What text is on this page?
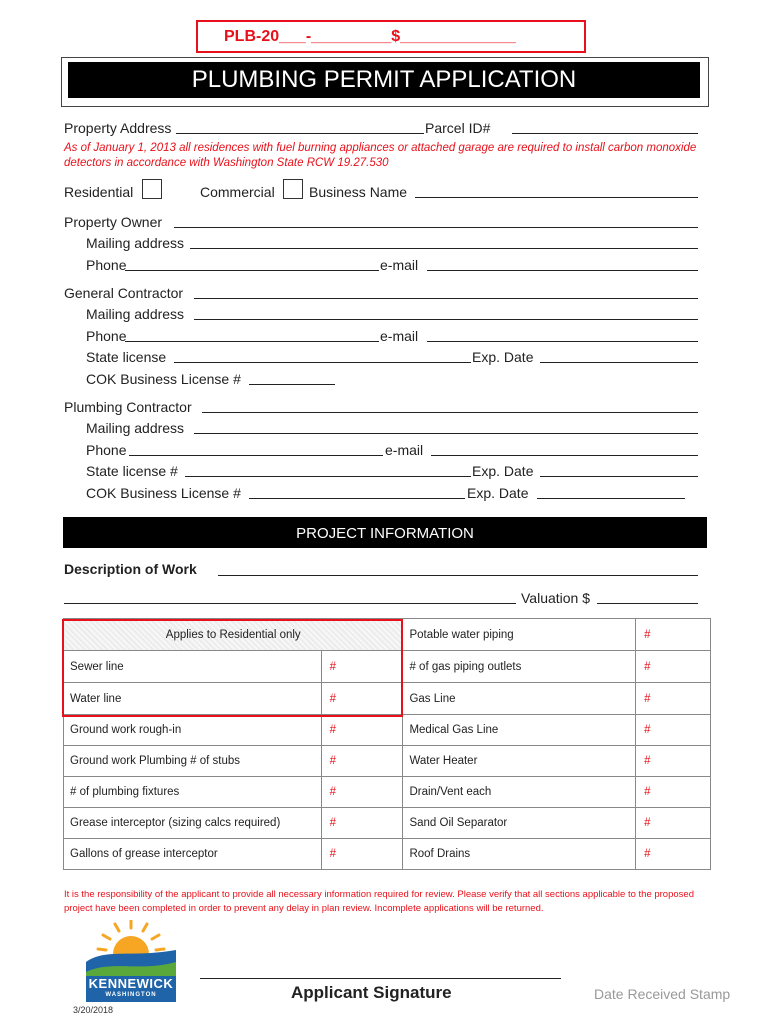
PLB-20___-_________$_____________
PLUMBING PERMIT APPLICATION
Property Address	Parcel ID#
As of January 1, 2013 all residences with fuel burning appliances or attached garage are required to install carbon monoxide detectors in accordance with Washington State RCW 19.27.530
Residential	Commercial Business Name
Property Owner
Mailing address
Phone	e-mail
General Contractor
Mailing address
Phone	e-mail
State license	Exp. Date
COK Business License #
Plumbing Contractor
Mailing address
Phone	e-mail
State license #	Exp. Date
COK Business License #	Exp. Date
PROJECT INFORMATION
Description of Work
Valuation $
Applies to Residential only		Potable water piping	#
Sewer line	#	# of gas piping outlets	#
Water line	#	Gas Line	#
Ground work rough-in	#	Medical Gas Line	#
Ground work Plumbing # of stubs	#	Water Heater	#
# of plumbing fixtures	#	Drain/Vent each	#
Grease interceptor (sizing calcs required)	#	Sand Oil Separator	#
Gallons of grease interceptor	#	Roof Drains	#
It is the responsibility of the applicant to provide all necessary information required for review. Please verify that all sections applicable to the proposed project have been completed in order to prevent any delay in plan review. Incomplete applications will be returned.
KENNEWICK
WASHINGTON	Applicant Signature	Date Received Stamp
3/20/2018
